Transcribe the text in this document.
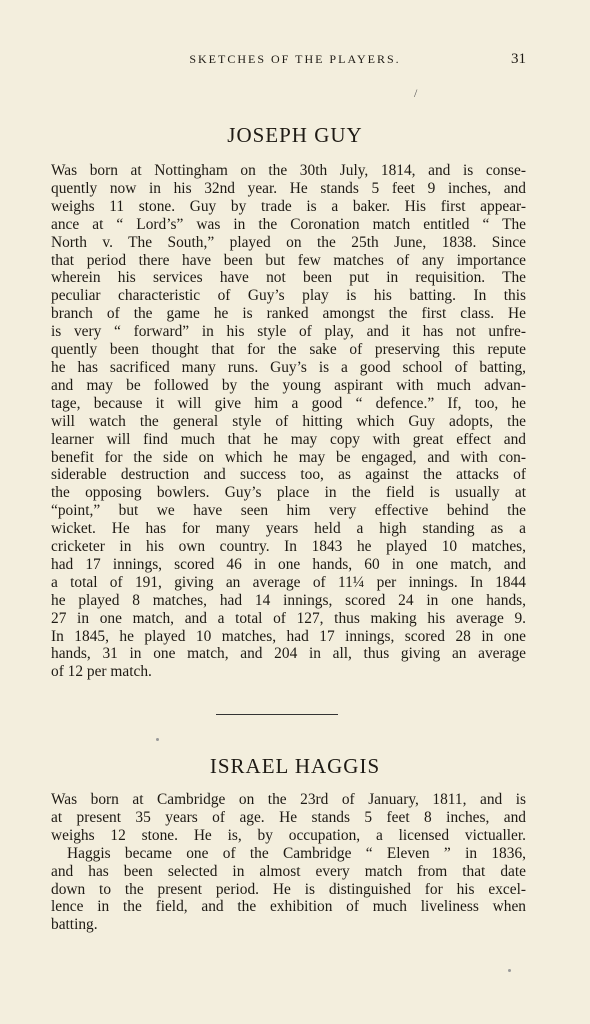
SKETCHES OF THE PLAYERS.	31
/
JOSEPH GUY
Was born at Nottingham on the 30th July, 1814, and is conse-
quently now in his 32nd year. He stands 5 feet 9 inches, and
weighs 11 stone. Guy by trade is a baker. His first appear-
ance at “ Lord’s” was in the Coronation match entitled “ The
North v. The South,” played on the 25th June, 1838. Since
that period there have been but few matches of any importance
wherein his services have not been put in requisition. The
peculiar characteristic of Guy’s play is his batting. In this
branch of the game he is ranked amongst the first class. He
is very “ forward” in his style of play, and it has not unfre-
quently been thought that for the sake of preserving this repute
he has sacrificed many runs. Guy’s is a good school of batting,
and may be followed by the young aspirant with much advan-
tage, because it will give him a good “ defence.” If, too, he
will watch the general style of hitting which Guy adopts, the
learner will find much that he may copy with great effect and
benefit for the side on which he may be engaged, and with con-
siderable destruction and success too, as against the attacks of
the opposing bowlers. Guy’s place in the field is usually at
“point,” but we have seen him very effective behind the
wicket. He has for many years held a high standing as a
cricketer in his own country. In 1843 he played 10 matches,
had 17 innings, scored 46 in one hands, 60 in one match, and
a total of 191, giving an average of 11¼ per innings. In 1844
he played 8 matches, had 14 innings, scored 24 in one hands,
27 in one match, and a total of 127, thus making his average 9.
In 1845, he played 10 matches, had 17 innings, scored 28 in one
hands, 31 in one match, and 204 in all, thus giving an average
of 12 per match.
ISRAEL HAGGIS
Was born at Cambridge on the 23rd of January, 1811, and is
at present 35 years of age. He stands 5 feet 8 inches, and
weighs 12 stone. He is, by occupation, a licensed victualler.
Haggis became one of the Cambridge “ Eleven ” in 1836,
and has been selected in almost every match from that date
down to the present period. He is distinguished for his excel-
lence in the field, and the exhibition of much liveliness when
batting.
